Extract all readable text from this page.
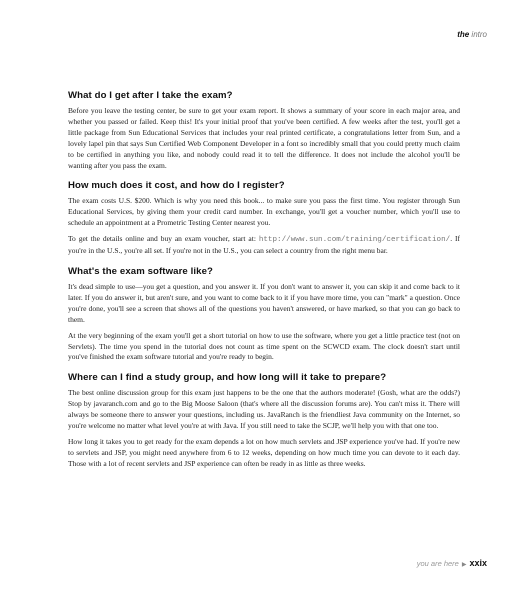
the intro
What do I get after I take the exam?

Before you leave the testing center, be sure to get your exam report. It shows a summary of your score in each major area, and whether you passed or failed. Keep this! It's your initial proof that you've been certified. A few weeks after the test, you'll get a little package from Sun Educational Services that includes your real printed certificate, a congratulations letter from Sun, and a lovely lapel pin that says Sun Certified Web Component Developer in a font so incredibly small that you could pretty much claim to be certified in anything you like, and nobody could read it to tell the difference. It does not include the alcohol you'll be wanting after you pass the exam.

How much does it cost, and how do I register?

The exam costs U.S. $200. Which is why you need this book... to make sure you pass the first time. You register through Sun Educational Services, by giving them your credit card number. In exchange, you'll get a voucher number, which you'll use to schedule an appointment at a Prometric Testing Center nearest you.

To get the details online and buy an exam voucher, start at: http://www.sun.com/training/certification/. If you're in the U.S., you're all set. If you're not in the U.S., you can select a country from the right menu bar.

What's the exam software like?

It's dead simple to use—you get a question, and you answer it. If you don't want to answer it, you can skip it and come back to it later. If you do answer it, but aren't sure, and you want to come back to it if you have more time, you can "mark" a question. Once you're done, you'll see a screen that shows all of the questions you haven't answered, or have marked, so that you can go back to them.

At the very beginning of the exam you'll get a short tutorial on how to use the software, where you get a little practice test (not on Servlets). The time you spend in the tutorial does not count as time spent on the SCWCD exam. The clock doesn't start until you've finished the exam software tutorial and you're ready to begin.

Where can I find a study group, and how long will it take to prepare?

The best online discussion group for this exam just happens to be the one that the authors moderate! (Gosh, what are the odds?) Stop by javaranch.com and go to the Big Moose Saloon (that's where all the discussion forums are). You can't miss it. There will always be someone there to answer your questions, including us. JavaRanch is the friendliest Java community on the Internet, so you're welcome no matter what level you're at with Java. If you still need to take the SCJP, we'll help you with that one too.

How long it takes you to get ready for the exam depends a lot on how much servlets and JSP experience you've had. If you're new to servlets and JSP, you might need anywhere from 6 to 12 weeks, depending on how much time you can devote to it each day. Those with a lot of recent servlets and JSP experience can often be ready in as little as three weeks.

you are here ▶ xxix
